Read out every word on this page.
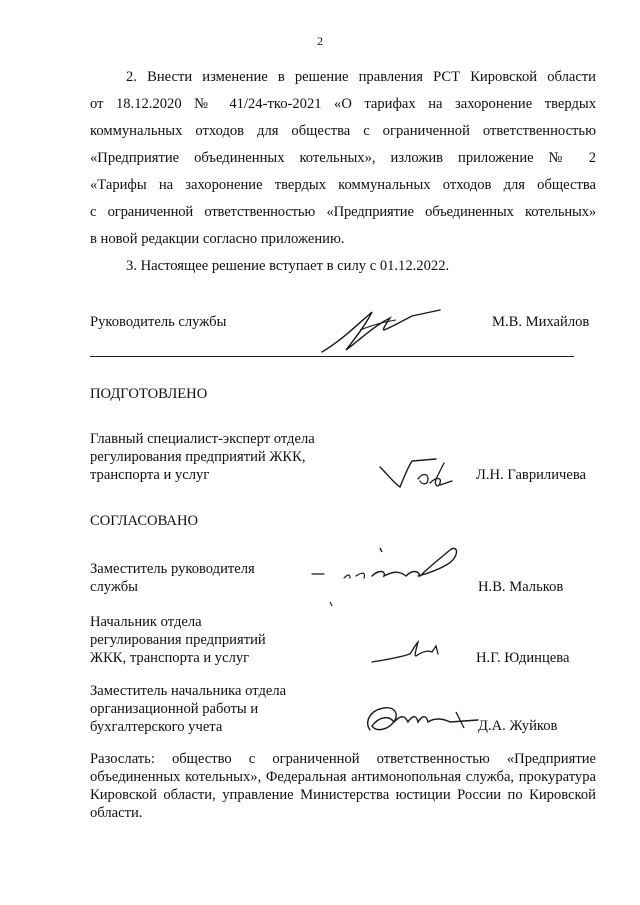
2
2. Внести изменение в решение правления РСТ Кировской области
от 18.12.2020 № 41/24-тко-2021 «О тарифах на захоронение твердых
коммунальных отходов для общества с ограниченной ответственностью
«Предприятие объединенных котельных», изложив приложение № 2
«Тарифы на захоронение твердых коммунальных отходов для общества
с ограниченной ответственностью «Предприятие объединенных котельных»
в новой редакции согласно приложению.
3. Настоящее решение вступает в силу с 01.12.2022.
Руководитель службы	М.В. Михайлов
ПОДГОТОВЛЕНО
Главный специалист-эксперт отдела
регулирования предприятий ЖКК,
транспорта и услуг	Л.Н. Гавриличева
СОГЛАСОВАНО
Заместитель руководителя
службы	Н.В. Мальков
Начальник отдела
регулирования предприятий
ЖКК, транспорта и услуг	Н.Г. Юдинцева
Заместитель начальника отдела
организационной работы и
бухгалтерского учета	Д.А. Жуйков
Разослать: общество с ограниченной ответственностью «Предприятие объединенных котельных», Федеральная антимонопольная служба, прокуратура Кировской области, управление Министерства юстиции России по Кировской области.
